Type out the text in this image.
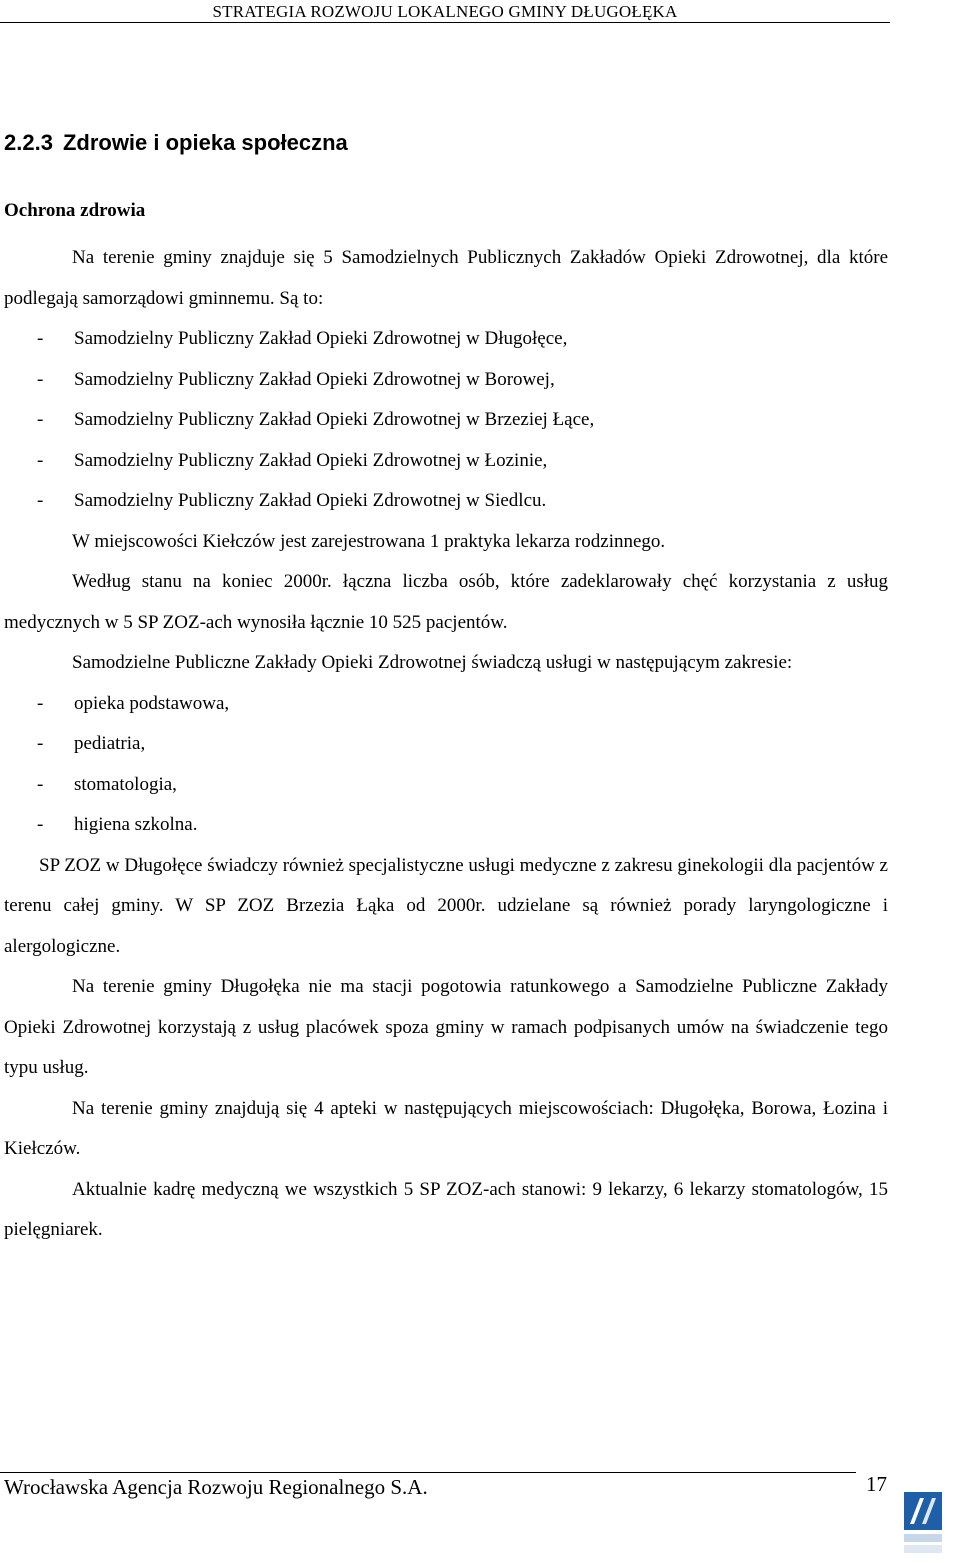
STRATEGIA ROZWOJU LOKALNEGO GMINY DŁUGOŁĘKA
2.2.3 Zdrowie i opieka społeczna
Ochrona zdrowia

Na terenie gminy znajduje się 5 Samodzielnych Publicznych Zakładów Opieki Zdrowotnej, dla które podlegają samorządowi gminnemu. Są to:

- Samodzielny Publiczny Zakład Opieki Zdrowotnej w Długołęce,
- Samodzielny Publiczny Zakład Opieki Zdrowotnej w Borowej,
- Samodzielny Publiczny Zakład Opieki Zdrowotnej w Brzeziej Łące,
- Samodzielny Publiczny Zakład Opieki Zdrowotnej w Łozinie,
- Samodzielny Publiczny Zakład Opieki Zdrowotnej w Siedlcu.

W miejscowości Kiełczów jest zarejestrowana 1 praktyka lekarza rodzinnego.

Według stanu na koniec 2000r. łączna liczba osób, które zadeklarowały chęć korzystania z usług medycznych w 5 SP ZOZ-ach wynosiła łącznie 10 525 pacjentów.

Samodzielne Publiczne Zakłady Opieki Zdrowotnej świadczą usługi w następującym zakresie:

- opieka podstawowa,
- pediatria,
- stomatologia,
- higiena szkolna.

SP ZOZ w Długołęce świadczy również specjalistyczne usługi medyczne z zakresu ginekologii dla pacjentów z terenu całej gminy. W SP ZOZ Brzezia Łąka od 2000r. udzielane są również porady laryngologiczne i alergologiczne.

Na terenie gminy Długołęka nie ma stacji pogotowia ratunkowego a Samodzielne Publiczne Zakłady Opieki Zdrowotnej korzystają z usług placówek spoza gminy w ramach podpisanych umów na świadczenie tego typu usług.

Na terenie gminy znajdują się 4 apteki w następujących miejscowościach: Długołęka, Borowa, Łozina i Kiełczów.

Aktualnie kadrę medyczną we wszystkich 5 SP ZOZ-ach stanowi: 9 lekarzy, 6 lekarzy stomatologów, 15 pielęgniarek.

Wrocławska Agencja Rozwoju Regionalnego S.A.	17
